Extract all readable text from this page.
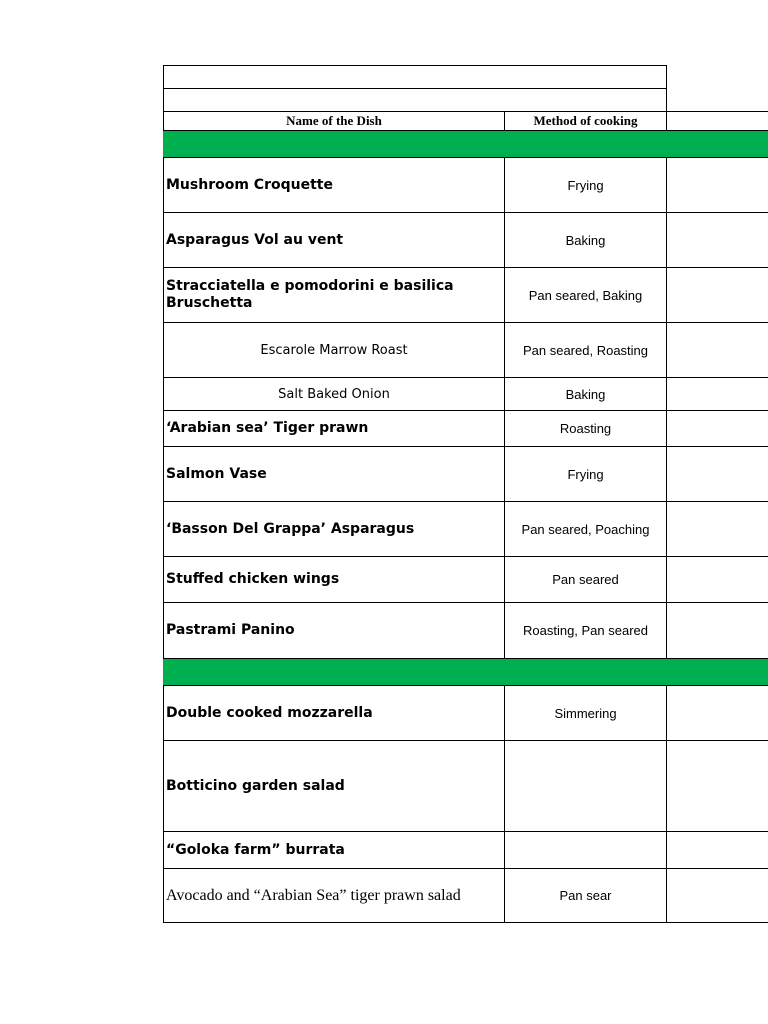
Name of the Dish	Method of cooking
Mushroom Croquette	Frying
Asparagus Vol au vent	Baking
Stracciatella e pomodorini e basilica Bruschetta	Pan seared, Baking
Escarole Marrow Roast	Pan seared, Roasting
Salt Baked Onion	Baking
‘Arabian sea’ Tiger prawn	Roasting
Salmon Vase	Frying
‘Basson Del Grappa’ Asparagus	Pan seared, Poaching
Stuffed chicken wings	Pan seared
Pastrami Panino	Roasting, Pan seared
Double cooked mozzarella	Simmering
Botticino garden salad
“Goloka farm” burrata
Avocado and “Arabian Sea” tiger prawn salad	Pan sear
